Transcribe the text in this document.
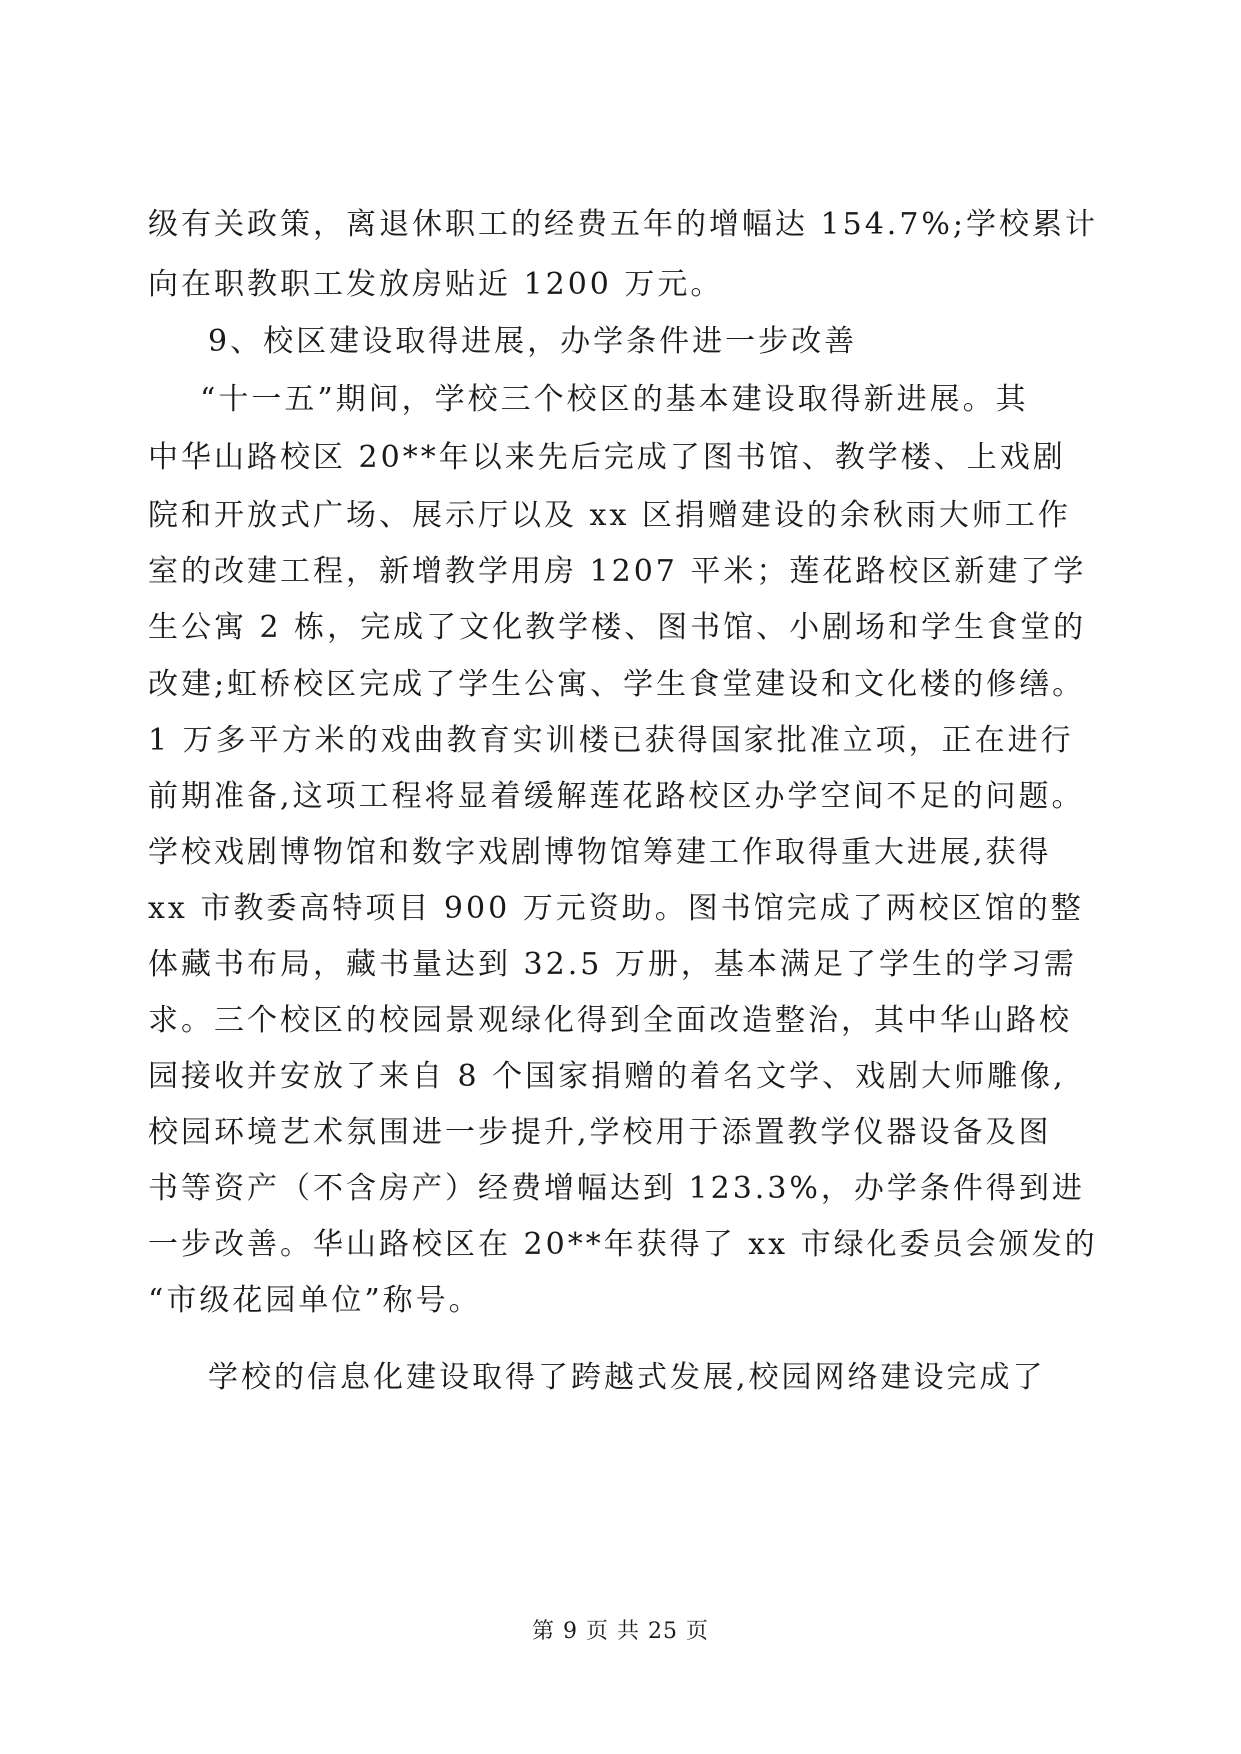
级有关政策，离退休职工的经费五年的增幅达 154.7%;学校累计
向在职教职工发放房贴近 1200 万元。
9、校区建设取得进展，办学条件进一步改善
“十一五”期间，学校三个校区的基本建设取得新进展。其
中华山路校区 20**年以来先后完成了图书馆、教学楼、上戏剧
院和开放式广场、展示厅以及 xx 区捐赠建设的余秋雨大师工作
室的改建工程，新增教学用房 1207 平米；莲花路校区新建了学
生公寓 2 栋，完成了文化教学楼、图书馆、小剧场和学生食堂的
改建;虹桥校区完成了学生公寓、学生食堂建设和文化楼的修缮。
1 万多平方米的戏曲教育实训楼已获得国家批准立项，正在进行
前期准备,这项工程将显着缓解莲花路校区办学空间不足的问题。
学校戏剧博物馆和数字戏剧博物馆筹建工作取得重大进展,获得
xx 市教委高特项目 900 万元资助。图书馆完成了两校区馆的整
体藏书布局，藏书量达到 32.5 万册，基本满足了学生的学习需
求。三个校区的校园景观绿化得到全面改造整治，其中华山路校
园接收并安放了来自 8 个国家捐赠的着名文学、戏剧大师雕像,
校园环境艺术氛围进一步提升,学校用于添置教学仪器设备及图
书等资产（不含房产）经费增幅达到 123.3%，办学条件得到进
一步改善。华山路校区在 20**年获得了 xx 市绿化委员会颁发的
“市级花园单位”称号。
学校的信息化建设取得了跨越式发展,校园网络建设完成了
第 9 页 共 25 页
